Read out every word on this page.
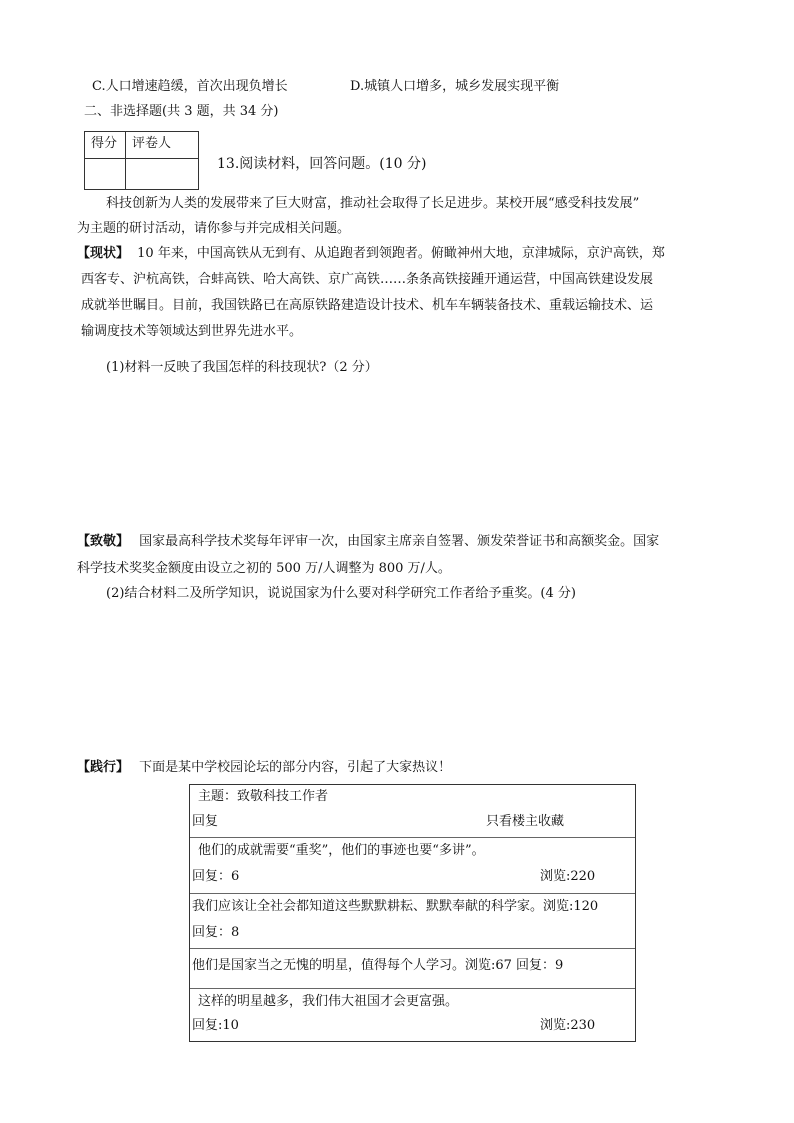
C.人口增速趋缓，首次出现负增长	D.城镇人口增多，城乡发展实现平衡
二、非选择题(共 3 题，共 34 分)
得分	评卷人

13.阅读材料，回答问题。(10 分)
科技创新为人类的发展带来了巨大财富，推动社会取得了长足进步。某校开展“感受科技发展”
为主题的研讨活动，请你参与并完成相关问题。
【现状】 10 年来，中国高铁从无到有、从追跑者到领跑者。俯瞰神州大地，京津城际，京沪高铁，郑
西客专、沪杭高铁，合蚌高铁、哈大高铁、京广高铁……条条高铁接踵开通运营，中国高铁建设发展
成就举世瞩目。目前，我国铁路已在高原铁路建造设计技术、机车车辆装备技术、重载运输技术、运
输调度技术等领域达到世界先进水平。
(1)材料一反映了我国怎样的科技现状?（2 分）
【致敬】 国家最高科学技术奖每年评审一次，由国家主席亲自签署、颁发荣誉证书和高额奖金。国家
科学技术奖奖金额度由设立之初的 500 万/人调整为 800 万/人。
(2)结合材料二及所学知识，说说国家为什么要对科学研究工作者给予重奖。(4 分)
【践行】 下面是某中学校园论坛的部分内容，引起了大家热议！
主题：致敬科技工作者
回复	只看楼主收藏
他们的成就需要“重奖”，他们的事迹也要“多讲”。
回复：6	浏览:220
我们应该让全社会都知道这些默默耕耘、默默奉献的科学家。浏览:120
回复：8
他们是国家当之无愧的明星，值得每个人学习。浏览:67 回复：9
这样的明星越多，我们伟大祖国才会更富强。
回复:10	浏览:230
